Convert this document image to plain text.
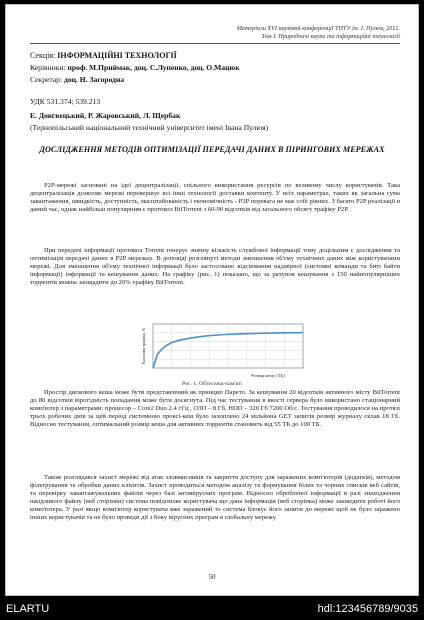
Матеріали XVI наукової конференції ТНТУ ім. І. Пулюя, 2012.
Том І. Природничі науки та інформаційні технології
Секція: ІНФОРМАЦІЙНІ ТЕХНОЛОГІЇ
Керівники: проф. М.Приймак, доц. С.Лупенко, доц. О.Мацюк
Секретар: доц. Н. Загородна
УДК 531.374; 539.213
Е. Довгвецький, Р. Жаровський, Л. Щербак
(Тернопільський національний технічний університет імені Івана Пулюя)
ДОСЛІДЖЕННЯ МЕТОДІВ ОПТИМІЗАЦІЇ ПЕРЕДАЧІ ДАНИХ В ПІРИНГОВИХ МЕРЕЖАХ

P2P-мережі засновані на ідеї децентралізації, спільного використання ресурсів по великому числу користувачів. Така децентралізація дозволяє мережі перевершує всі інші технології доставки контенту. У всіх параметрах, таких як загальна сума завантаження, швидкість, доступність, масштабованість і економічність - P2P перевага не має собі рівних. З багато P2P реалізації в даний час, однак найбільш популярним є протокол BitTorrent з 60-90 відсотків від загального обсягу трафіку P2P.

При передачі інформації протокол Torrent генерує значну кількість службової інформації тому доцільним є дослідження та оптимізація передачі даних в P2P мережах. В доповіді розглянуті методи зменшення об'єму технічних даних між користувачами мережі. Для зменшення об'єму технічної інформації було застосовано відсіювання надмірної (системні команди та биті байти інформації) інформації та кешування даних. На графіку (рис. 1) показано, що за рахунок кешування з 150 найпопулярніших торрентів можна заощадити до 20% трафіку BitTorrent.

Розмір кешу (ТБ)
Економія трафіку, %
Рис. 1. Об'єм кеш-пам'яті

Простір дискового кеша може бути представлений як принцип Парето. За кешування 20 відсотків активного місту BitTorrent до 80 відсотків вірогідність попадання може бути досягнута. Під час тестування в якості сервера було використано стаціонарний комп'ютер з параметрами: процесор – Core2 Duo 2.4 гГц , ОЗП – 8 Гб, HDD – 320 Гб 7200 Об/с. Тестування проводилося на протязі трьох робочих днів за цей період системною проксі-кеш було захоплено 24 мільйона GET запитів розмір журналу склав 18 Гб. Відносно тестування, оптимальний розмір кеша для активних торрентів становить від 55 ТБ до 100 ТБ.

Також розглядався захист мережі від атак зловмисників та закриття доступу для заражених комп'ютерів (додатків), методом фільтрування та обробки даних клієнтів. Захист проводиться методом аналізу та формування білих та чорних списків веб сайтів, та перевірку завантажувальних файлів через базі антивірусних програм. Відносно обробленої інформації в разі знаходження шкідливого файлу (веб сторінки) система повідомляє користувача що дана інформація (веб сторінка) може зашкодити роботі його комп'ютера. У разі якщо комп'ютер користувача вже заражений то система блокує його запити до мережі щоб не було заражено інших користувачів та не було проведи дії з боку вірусних програм в глобальну мережу.

50
ELARTU	hdl:123456789/9035
